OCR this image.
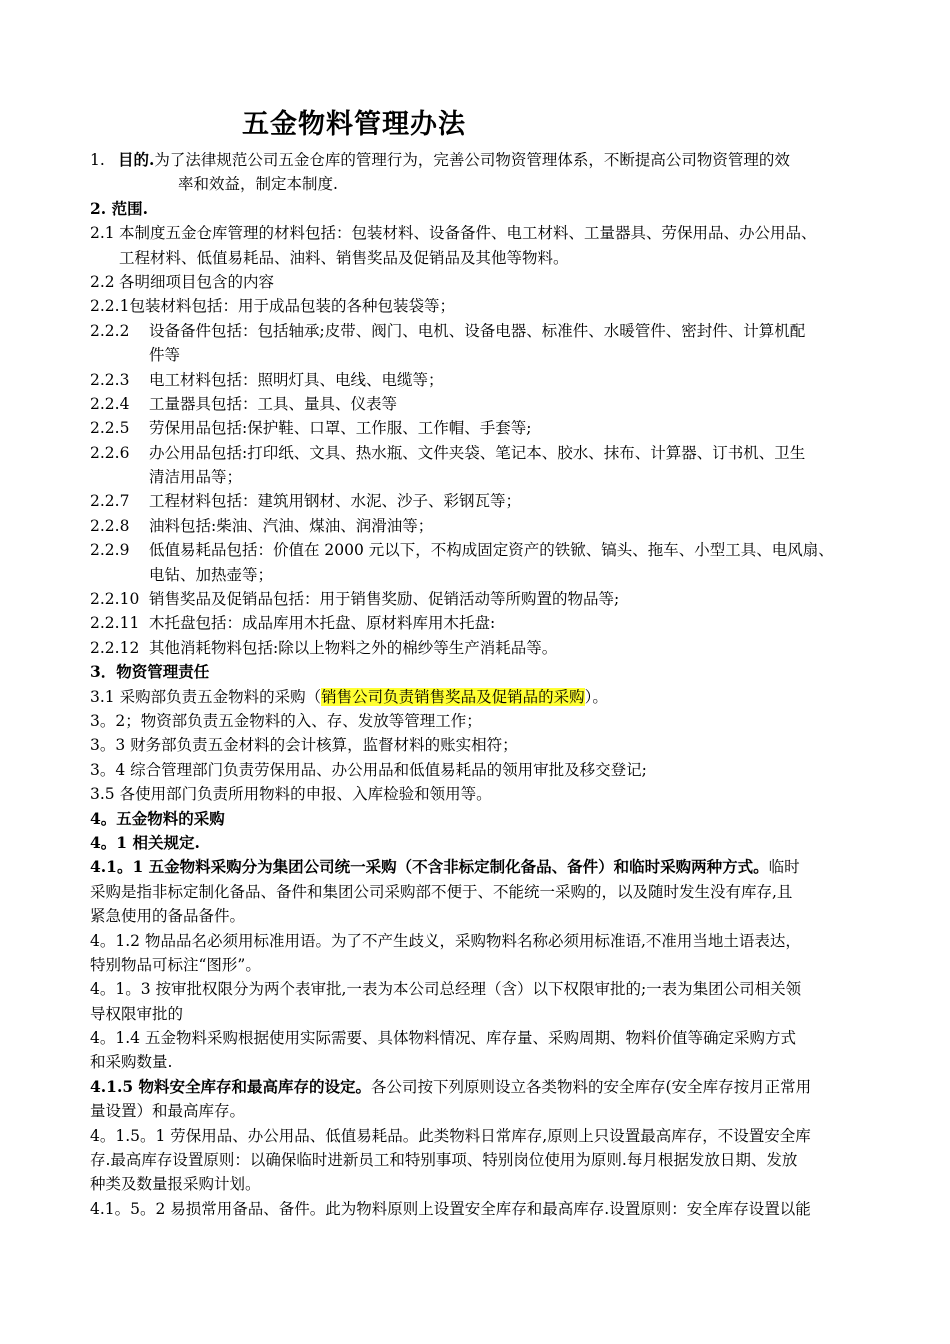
五金物料管理办法
1. 目的.为了法律规范公司五金仓库的管理行为，完善公司物资管理体系，不断提高公司物资管理的效
率和效益，制定本制度.
2. 范围.
2.1 本制度五金仓库管理的材料包括：包装材料、设备备件、电工材料、工量器具、劳保用品、办公用品、
工程材料、低值易耗品、油料、销售奖品及促销品及其他等物料。
2.2 各明细项目包含的内容
2.2.1包装材料包括：用于成品包装的各种包装袋等；
2.2.2 设备备件包括：包括轴承;皮带、阀门、电机、设备电器、标准件、水暖管件、密封件、计算机配
件等
2.2.3 电工材料包括：照明灯具、电线、电缆等；
2.2.4 工量器具包括：工具、量具、仪表等
2.2.5 劳保用品包括:保护鞋、口罩、工作服、工作帽、手套等;
2.2.6 办公用品包括:打印纸、文具、热水瓶、文件夹袋、笔记本、胶水、抹布、计算器、订书机、卫生
清洁用品等；
2.2.7 工程材料包括：建筑用钢材、水泥、沙子、彩钢瓦等；
2.2.8 油料包括:柴油、汽油、煤油、润滑油等；
2.2.9 低值易耗品包括：价值在 2000 元以下，不构成固定资产的铁锨、镐头、拖车、小型工具、电风扇、
电钻、加热壶等；
2.2.10 销售奖品及促销品包括：用于销售奖励、促销活动等所购置的物品等;
2.2.11 木托盘包括：成品库用木托盘、原材料库用木托盘:
2.2.12 其他消耗物料包括:除以上物料之外的棉纱等生产消耗品等。
3．物资管理责任
3.1 采购部负责五金物料的采购（销售公司负责销售奖品及促销品的采购）。
3。2；物资部负责五金物料的入、存、发放等管理工作；
3。3 财务部负责五金材料的会计核算，监督材料的账实相符；
3。4 综合管理部门负责劳保用品、办公用品和低值易耗品的领用审批及移交登记;
3.5 各使用部门负责所用物料的申报、入库检验和领用等。
4。五金物料的采购
4。1 相关规定.
4.1。1 五金物料采购分为集团公司统一采购（不含非标定制化备品、备件）和临时采购两种方式。临时
采购是指非标定制化备品、备件和集团公司采购部不便于、不能统一采购的，以及随时发生没有库存,且
紧急使用的备品备件。
4。1.2 物品品名必须用标准用语。为了不产生歧义，采购物料名称必须用标准语,不准用当地土语表达，
特别物品可标注“图形”。
4。1。3 按审批权限分为两个表审批,一表为本公司总经理（含）以下权限审批的;一表为集团公司相关领
导权限审批的
4。1.4 五金物料采购根据使用实际需要、具体物料情况、库存量、采购周期、物料价值等确定采购方式
和采购数量.
4.1.5 物料安全库存和最高库存的设定。各公司按下列原则设立各类物料的安全库存(安全库存按月正常用
量设置）和最高库存。
4。1.5。1 劳保用品、办公用品、低值易耗品。此类物料日常库存,原则上只设置最高库存，不设置安全库
存.最高库存设置原则：以确保临时进新员工和特别事项、特别岗位使用为原则.每月根据发放日期、发放
种类及数量报采购计划。
4.1。5。2 易损常用备品、备件。此为物料原则上设置安全库存和最高库存.设置原则：安全库存设置以能
